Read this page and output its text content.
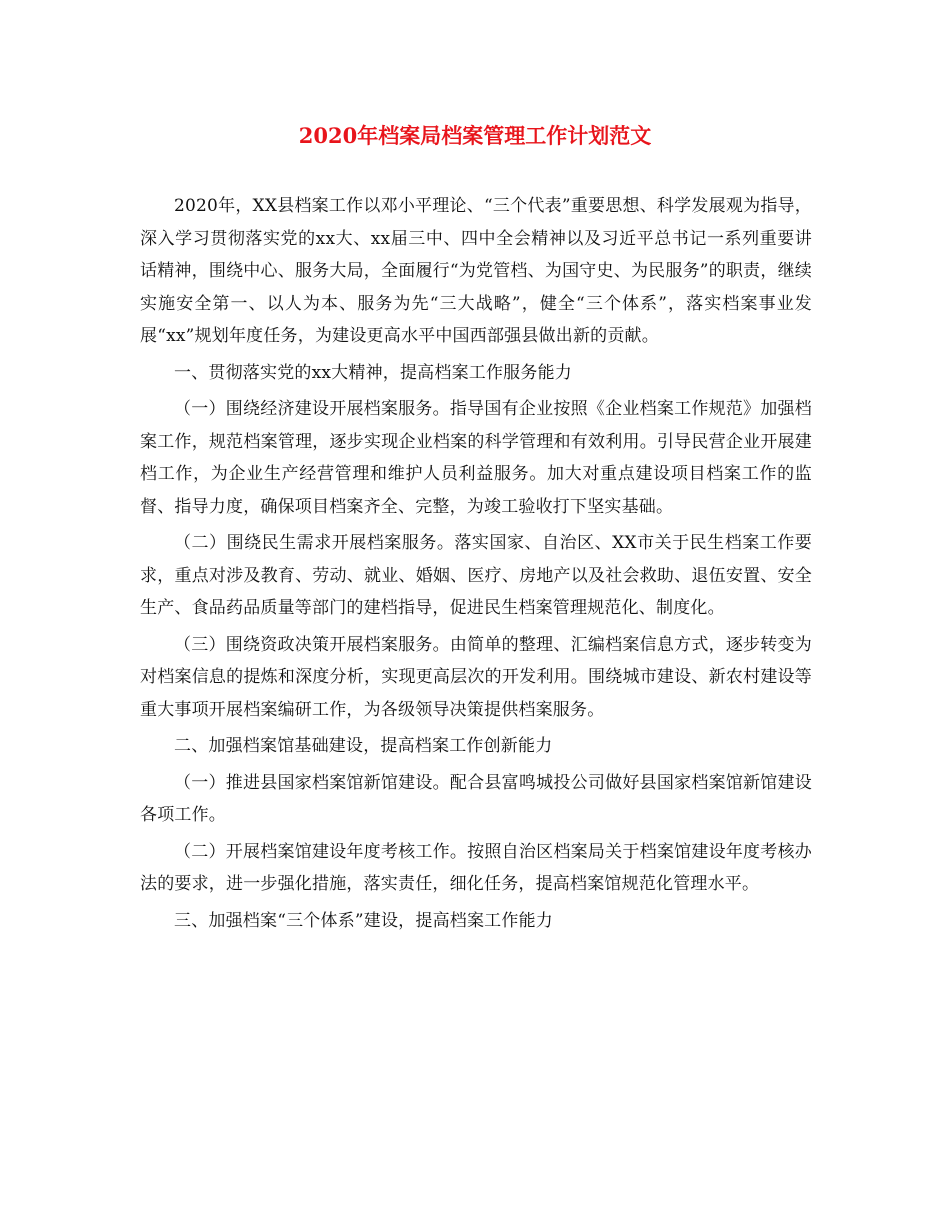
2020年档案局档案管理工作计划范文

2020年，XX县档案工作以邓小平理论、“三个代表”重要思想、科学发展观为指导，深入学习贯彻落实党的xx大、xx届三中、四中全会精神以及习近平总书记一系列重要讲话精神，围绕中心、服务大局，全面履行“为党管档、为国守史、为民服务”的职责，继续实施安全第一、以人为本、服务为先“三大战略”，健全“三个体系”，落实档案事业发展“xx”规划年度任务，为建设更高水平中国西部强县做出新的贡献。

一、贯彻落实党的xx大精神，提高档案工作服务能力

（一）围绕经济建设开展档案服务。指导国有企业按照《企业档案工作规范》加强档案工作，规范档案管理，逐步实现企业档案的科学管理和有效利用。引导民营企业开展建档工作，为企业生产经营管理和维护人员利益服务。加大对重点建设项目档案工作的监督、指导力度，确保项目档案齐全、完整，为竣工验收打下坚实基础。

（二）围绕民生需求开展档案服务。落实国家、自治区、XX市关于民生档案工作要求，重点对涉及教育、劳动、就业、婚姻、医疗、房地产以及社会救助、退伍安置、安全生产、食品药品质量等部门的建档指导，促进民生档案管理规范化、制度化。

（三）围绕资政决策开展档案服务。由简单的整理、汇编档案信息方式，逐步转变为对档案信息的提炼和深度分析，实现更高层次的开发利用。围绕城市建设、新农村建设等重大事项开展档案编研工作，为各级领导决策提供档案服务。

二、加强档案馆基础建设，提高档案工作创新能力

（一）推进县国家档案馆新馆建设。配合县富鸣城投公司做好县国家档案馆新馆建设各项工作。

（二）开展档案馆建设年度考核工作。按照自治区档案局关于档案馆建设年度考核办法的要求，进一步强化措施，落实责任，细化任务，提高档案馆规范化管理水平。

三、加强档案“三个体系”建设，提高档案工作能力
